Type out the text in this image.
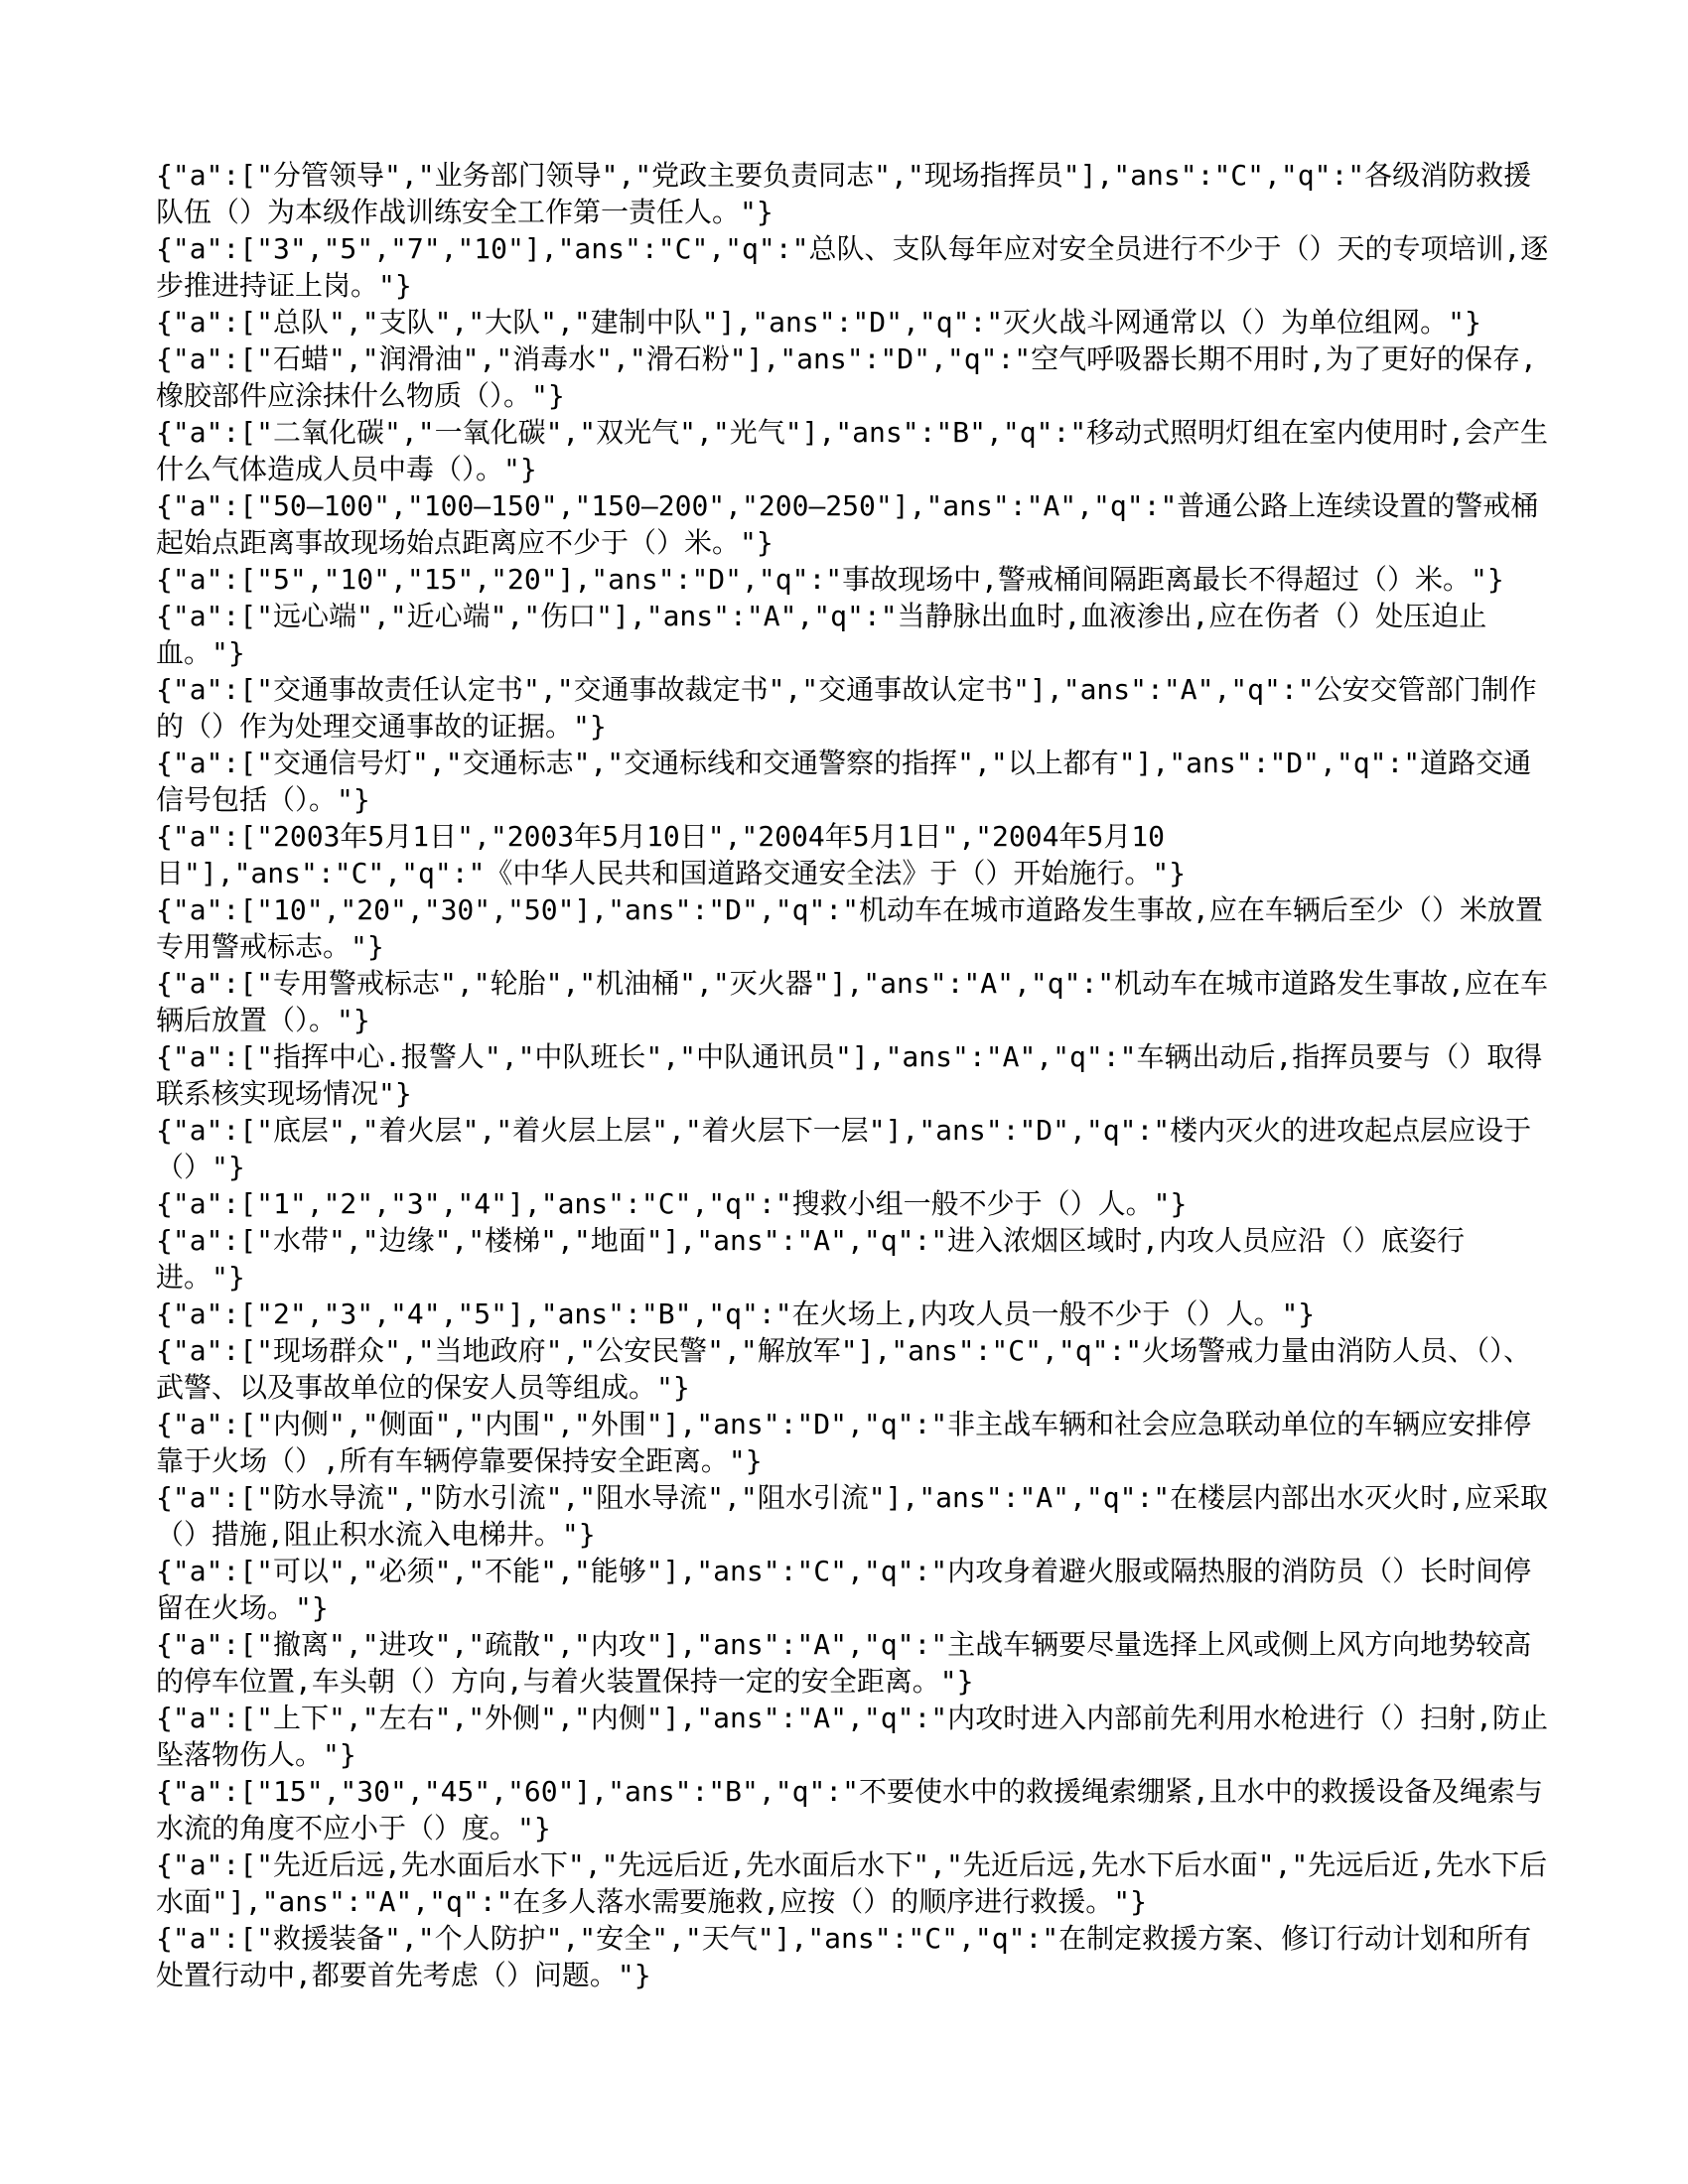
{"a":["分管领导","业务部门领导","党政主要负责同志","现场指挥员"],"ans":"C","q":"各级消防救援队伍（）为本级作战训练安全工作第一责任人。"}
{"a":["3","5","7","10"],"ans":"C","q":"总队、支队每年应对安全员进行不少于（）天的专项培训,逐步推进持证上岗。"}
{"a":["总队","支队","大队","建制中队"],"ans":"D","q":"灭火战斗网通常以（）为单位组网。"}
{"a":["石蜡","润滑油","消毒水","滑石粉"],"ans":"D","q":"空气呼吸器长期不用时,为了更好的保存,橡胶部件应涂抹什么物质（）。"}
{"a":["二氧化碳","一氧化碳","双光气","光气"],"ans":"B","q":"移动式照明灯组在室内使用时,会产生什么气体造成人员中毒（）。"}
{"a":["50—100","100—150","150—200","200—250"],"ans":"A","q":"普通公路上连续设置的警戒桶起始点距离事故现场始点距离应不少于（）米。"}
{"a":["5","10","15","20"],"ans":"D","q":"事故现场中,警戒桶间隔距离最长不得超过（）米。"}
{"a":["远心端","近心端","伤口"],"ans":"A","q":"当静脉出血时,血液渗出,应在伤者（）处压迫止血。"}
{"a":["交通事故责任认定书","交通事故裁定书","交通事故认定书"],"ans":"A","q":"公安交管部门制作的（）作为处理交通事故的证据。"}
{"a":["交通信号灯","交通标志","交通标线和交通警察的指挥","以上都有"],"ans":"D","q":"道路交通信号包括（）。"}
{"a":["2003年5月1日","2003年5月10日","2004年5月1日","2004年5月10日"],"ans":"C","q":"《中华人民共和国道路交通安全法》于（）开始施行。"}
{"a":["10","20","30","50"],"ans":"D","q":"机动车在城市道路发生事故,应在车辆后至少（）米放置专用警戒标志。"}
{"a":["专用警戒标志","轮胎","机油桶","灭火器"],"ans":"A","q":"机动车在城市道路发生事故,应在车辆后放置（）。"}
{"a":["指挥中心.报警人","中队班长","中队通讯员"],"ans":"A","q":"车辆出动后,指挥员要与（）取得联系核实现场情况"}
{"a":["底层","着火层","着火层上层","着火层下一层"],"ans":"D","q":"楼内灭火的进攻起点层应设于（）"}
{"a":["1","2","3","4"],"ans":"C","q":"搜救小组一般不少于（）人。"}
{"a":["水带","边缘","楼梯","地面"],"ans":"A","q":"进入浓烟区域时,内攻人员应沿（）底姿行进。"}
{"a":["2","3","4","5"],"ans":"B","q":"在火场上,内攻人员一般不少于（）人。"}
{"a":["现场群众","当地政府","公安民警","解放军"],"ans":"C","q":"火场警戒力量由消防人员、（）、武警、以及事故单位的保安人员等组成。"}
{"a":["内侧","侧面","内围","外围"],"ans":"D","q":"非主战车辆和社会应急联动单位的车辆应安排停靠于火场（）,所有车辆停靠要保持安全距离。"}
{"a":["防水导流","防水引流","阻水导流","阻水引流"],"ans":"A","q":"在楼层内部出水灭火时,应采取（）措施,阻止积水流入电梯井。"}
{"a":["可以","必须","不能","能够"],"ans":"C","q":"内攻身着避火服或隔热服的消防员（）长时间停留在火场。"}
{"a":["撤离","进攻","疏散","内攻"],"ans":"A","q":"主战车辆要尽量选择上风或侧上风方向地势较高的停车位置,车头朝（）方向,与着火装置保持一定的安全距离。"}
{"a":["上下","左右","外侧","内侧"],"ans":"A","q":"内攻时进入内部前先利用水枪进行（）扫射,防止坠落物伤人。"}
{"a":["15","30","45","60"],"ans":"B","q":"不要使水中的救援绳索绷紧,且水中的救援设备及绳索与水流的角度不应小于（）度。"}
{"a":["先近后远,先水面后水下","先远后近,先水面后水下","先近后远,先水下后水面","先远后近,先水下后水面"],"ans":"A","q":"在多人落水需要施救,应按（）的顺序进行救援。"}
{"a":["救援装备","个人防护","安全","天气"],"ans":"C","q":"在制定救援方案、修订行动计划和所有处置行动中,都要首先考虑（）问题。"}
